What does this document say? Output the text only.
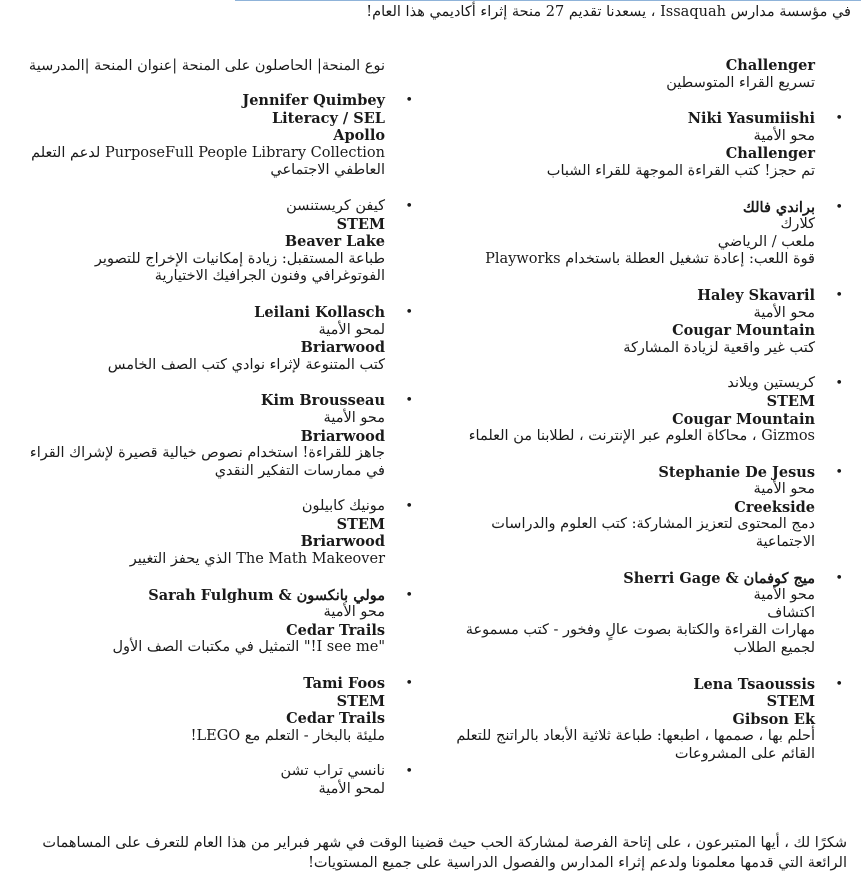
في مؤسسة مدارس Issaquah ، يسعدنا تقديم 27 منحة إثراء أكاديمي هذا العام!
Challenger
تسريع القراء المتوسطين
•
Niki Yasumiishi
محو الأمية
Challenger
تم حجز! كتب القراءة الموجهة للقراء الشباب
•
براندي فالك
كلارك
ملعب / الرياضي
قوة اللعب: إعادة تشغيل العطلة باستخدام Playworks
•
Haley Skavaril
محو الأمية
Cougar Mountain
كتب غير واقعية لزيادة المشاركة
•
كريستين ويلاند
STEM
Cougar Mountain
Gizmos ، محاكاة العلوم عبر الإنترنت ، لطلابنا من العلماء
•
Stephanie De Jesus
محو الأمية
Creekside
دمج المحتوى لتعزيز المشاركة: كتب العلوم والدراسات الاجتماعية
•
ميج كوفمان & Sherri Gage
محو الأمية
اكتشاف
مهارات القراءة والكتابة بصوت عالٍ وفخور - كتب مسموعة لجميع الطلاب
•
Lena Tsaoussis
STEM
Gibson Ek
أحلم بها ، صممها ، اطبعها: طباعة ثلاثية الأبعاد بالراتنج للتعلم القائم على المشروعات

نوع المنحة| الحاصلون على المنحة |عنوان المنحة |المدرسية

•
Jennifer Quimbey
Literacy / SEL
Apollo
PurposeFull People Library Collection لدعم التعلم العاطفي الاجتماعي
•
كيفن كريستنسن
STEM
Beaver Lake
طباعة المستقبل: زيادة إمكانيات الإخراج للتصوير الفوتوغرافي وفنون الجرافيك الاختيارية
•
Leilani Kollasch
لمحو الأمية
Briarwood
كتب المتنوعة لإثراء نوادي كتب الصف الخامس
•
Kim Brousseau
محو الأمية
Briarwood
جاهز للقراءة! استخدام نصوص خيالية قصيرة لإشراك القراء في ممارسات التفكير النقدي
•
مونيك كابيلون
STEM
Briarwood
The Math Makeover الذي يحفز التغيير
•
مولي بانكسون & Sarah Fulghum
محو الأمية
Cedar Trails
"I see me!" التمثيل في مكتبات الصف الأول
•
Tami Foos
STEM
Cedar Trails
مليئة بالبخار - التعلم مع LEGO!
•
نانسي تراب تشن
لمحو الأمية
شكرًا لك ، أيها المتبرعون ، على إتاحة الفرصة لمشاركة الحب حيث قضينا الوقت في شهر فبراير من هذا العام للتعرف على المساهمات الرائعة التي قدمها معلمونا ولدعم إثراء المدارس والفصول الدراسية على جميع المستويات!
